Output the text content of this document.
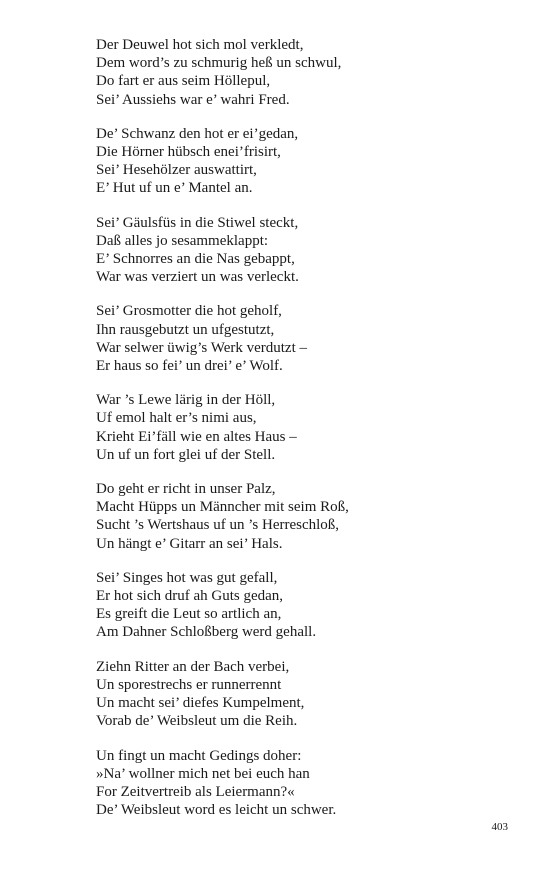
Der Deuwel hot sich mol verkledt,
Dem word’s zu schmurig heß un schwul,
Do fart er aus seim Höllepul,
Sei’ Aussiehs war e’ wahri Fred.
De’ Schwanz den hot er ei’gedan,
Die Hörner hübsch enei’frisirt,
Sei’ Hesehölzer auswattirt,
E’ Hut uf un e’ Mantel an.
Sei’ Gäulsfüs in die Stiwel steckt,
Daß alles jo sesammeklappt:
E’ Schnorres an die Nas gebappt,
War was verziert un was verleckt.
Sei’ Grosmotter die hot geholf,
Ihn rausgebutzt un ufgestutzt,
War selwer üwig’s Werk verdutzt –
Er haus so fei’ un drei’ e’ Wolf.
War ’s Lewe lärig in der Höll,
Uf emol halt er’s nimi aus,
Krieht Ei’fäll wie en altes Haus –
Un uf un fort glei uf der Stell.
Do geht er richt in unser Palz,
Macht Hüpps un Männcher mit seim Roß,
Sucht ’s Wertshaus uf un ’s Herreschloß,
Un hängt e’ Gitarr an sei’ Hals.
Sei’ Singes hot was gut gefall,
Er hot sich druf ah Guts gedan,
Es greift die Leut so artlich an,
Am Dahner Schloßberg werd gehall.
Ziehn Ritter an der Bach verbei,
Un sporestrechs er runnerrennt
Un macht sei’ diefes Kumpelment,
Vorab de’ Weibsleut um die Reih.
Un fingt un macht Gedings doher:
»Na’ wollner mich net bei euch han
For Zeitvertreib als Leiermann?«
De’ Weibsleut word es leicht un schwer.
403
